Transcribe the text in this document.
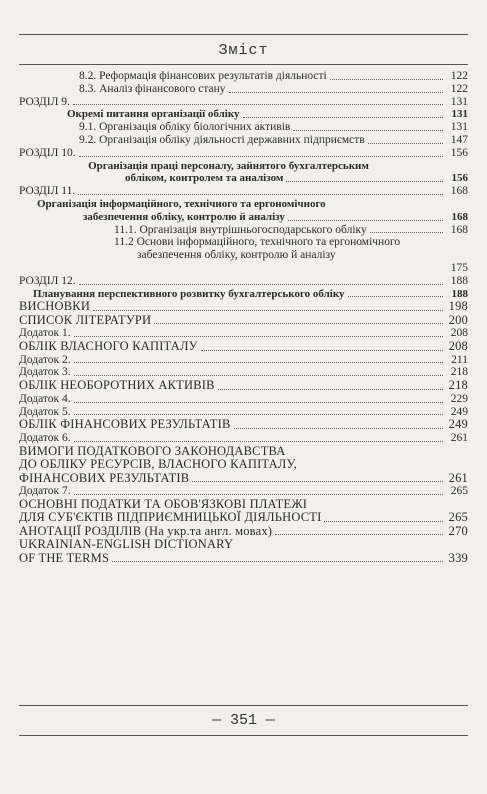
Зміст
8.2. Реформація фінансових результатів діяльності	122
8.3. Аналіз фінансового стану	122
РОЗДІЛ 9.	131
Окремі питання організації обліку	131
9.1. Організація обліку біологічних активів	131
9.2. Організація обліку діяльності державних підприємств	147
РОЗДІЛ 10.	156
Організація праці персоналу, зайнятого бухгалтерським
обліком, контролем та аналізом	156
РОЗДІЛ 11.	168
Організація інформаційного, технічного та ергономічного
забезпечення обліку, контролю й аналізу	168
11.1. Організація внутрішньогосподарського обліку	168
11.2 Основи інформаційного, технічного та ергономічного
забезпечення обліку, контролю й аналізу
175
РОЗДІЛ 12.	188
Планування перспективного розвитку бухгалтерського обліку	188
ВИСНОВКИ	198
СПИСОК ЛІТЕРАТУРИ	200
Додаток 1.	208
ОБЛІК ВЛАСНОГО КАПІТАЛУ	208
Додаток 2.	211
Додаток 3.	218
ОБЛІК НЕОБОРОТНИХ АКТИВІВ	218
Додаток 4.	229
Додаток 5.	249
ОБЛІК ФІНАНСОВИХ РЕЗУЛЬТАТІВ	249
Додаток 6.	261
ВИМОГИ ПОДАТКОВОГО ЗАКОНОДАВСТВА
ДО ОБЛІКУ РЕСУРСІВ, ВЛАСНОГО КАПІТАЛУ,
ФІНАНСОВИХ РЕЗУЛЬТАТІВ	261
Додаток 7.	265
ОСНОВНІ ПОДАТКИ ТА ОБОВ'ЯЗКОВІ ПЛАТЕЖІ
ДЛЯ СУБ'ЄКТІВ ПІДПРИЄМНИЦЬКОЇ ДІЯЛЬНОСТІ	265
АНОТАЦІЇ РОЗДІЛІВ (На укр.та англ. мовах)	270
UKRAINIAN-ENGLISH DICTIONARY
OF THE TERMS	339
— 351 —
